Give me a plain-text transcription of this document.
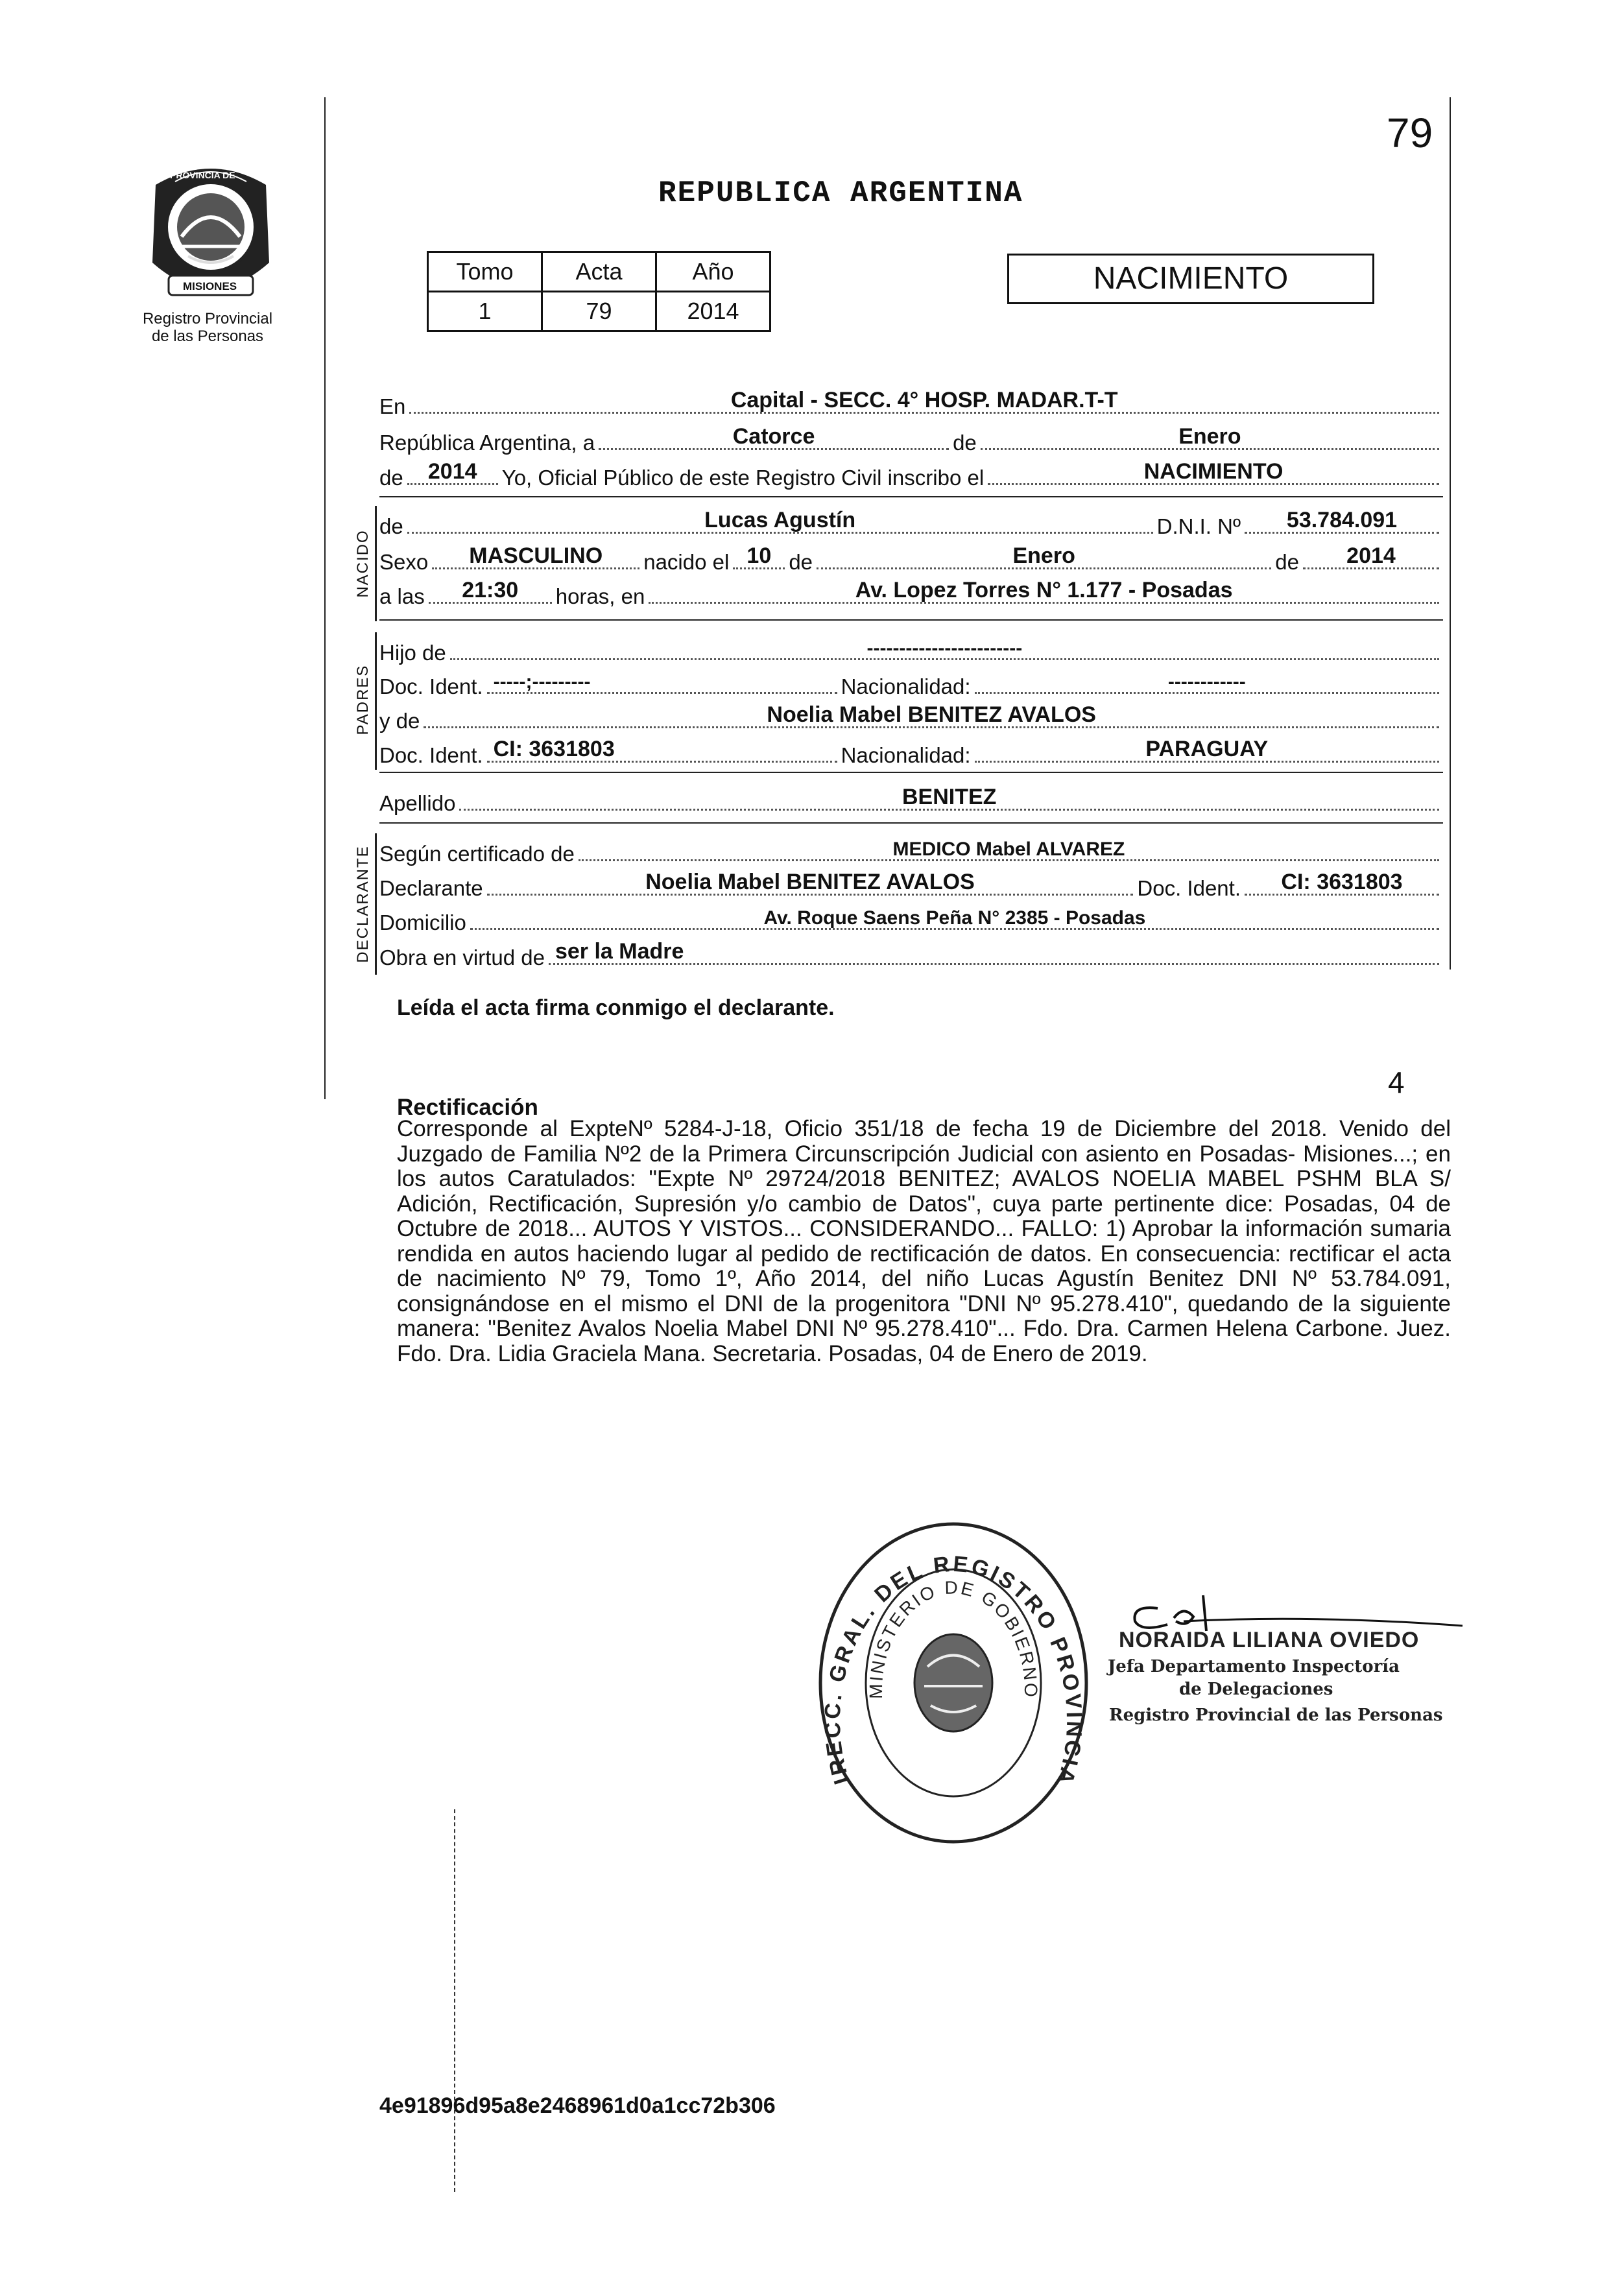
79
PROVINCIA DE
MISIONES
Registro Provincial
de las Personas
REPUBLICA ARGENTINA
Tomo	Acta	Año
1	79	2014
NACIMIENTO
En	Capital - SECC. 4° HOSP. MADAR.T-T
República Argentina, a	Catorce	de	Enero
de	2014	Yo, Oficial Público de este Registro Civil inscribo el	NACIMIENTO
NACIDO
de	Lucas Agustín	D.N.I. Nº	53.784.091
Sexo	MASCULINO	nacido el 10 de	Enero	de	2014
a las	21:30	horas, en	Av. Lopez Torres N° 1.177 - Posadas
PADRES
Hijo de	------------------------
Doc. Ident. -----;---------	Nacionalidad:	------------
y de	Noelia Mabel BENITEZ AVALOS
Doc. Ident. CI: 3631803	Nacionalidad:	PARAGUAY
Apellido	BENITEZ
DECLARANTE Según certificado de	MEDICO Mabel ALVAREZ
Declarante	Noelia Mabel BENITEZ AVALOS	Doc. Ident.	CI: 3631803
Domicilio	Av. Roque Saens Peña N° 2385 - Posadas
Obra en virtud de ser la Madre
Leída el acta firma conmigo el declarante.
4
Rectificación
Corresponde al ExpteNº 5284-J-18, Oficio 351/18 de fecha 19 de Diciembre del 2018. Venido del Juzgado de Familia Nº2 de la Primera Circunscripción Judicial con asiento en Posadas- Misiones...; en los autos Caratulados: "Expte Nº 29724/2018 BENITEZ; AVALOS NOELIA MABEL PSHM BLA S/ Adición, Rectificación, Supresión y/o cambio de Datos", cuya parte pertinente dice: Posadas, 04 de Octubre de 2018... AUTOS Y VISTOS... CONSIDERANDO... FALLO: 1) Aprobar la información sumaria rendida en autos haciendo lugar al pedido de rectificación de datos. En consecuencia: rectificar el acta de nacimiento Nº 79, Tomo 1º, Año 2014, del niño Lucas Agustín Benitez DNI Nº 53.784.091, consignándose en el mismo el DNI de la progenitora "DNI Nº 95.278.410", quedando de la siguiente manera: "Benitez Avalos Noelia Mabel DNI Nº 95.278.410"... Fdo. Dra. Carmen Helena Carbone. Juez. Fdo. Dra. Lidia Graciela Mana. Secretaria. Posadas, 04 de Enero de 2019.
IRECC. GRAL. DEL REGISTRO PROVINCIA
MINISTERIO DE GOBIERNO
NORAIDA LILIANA OVIEDO
Jefa Departamento Inspectoría
de Delegaciones
Registro Provincial de las Personas
4e91896d95a8e2468961d0a1cc72b306
